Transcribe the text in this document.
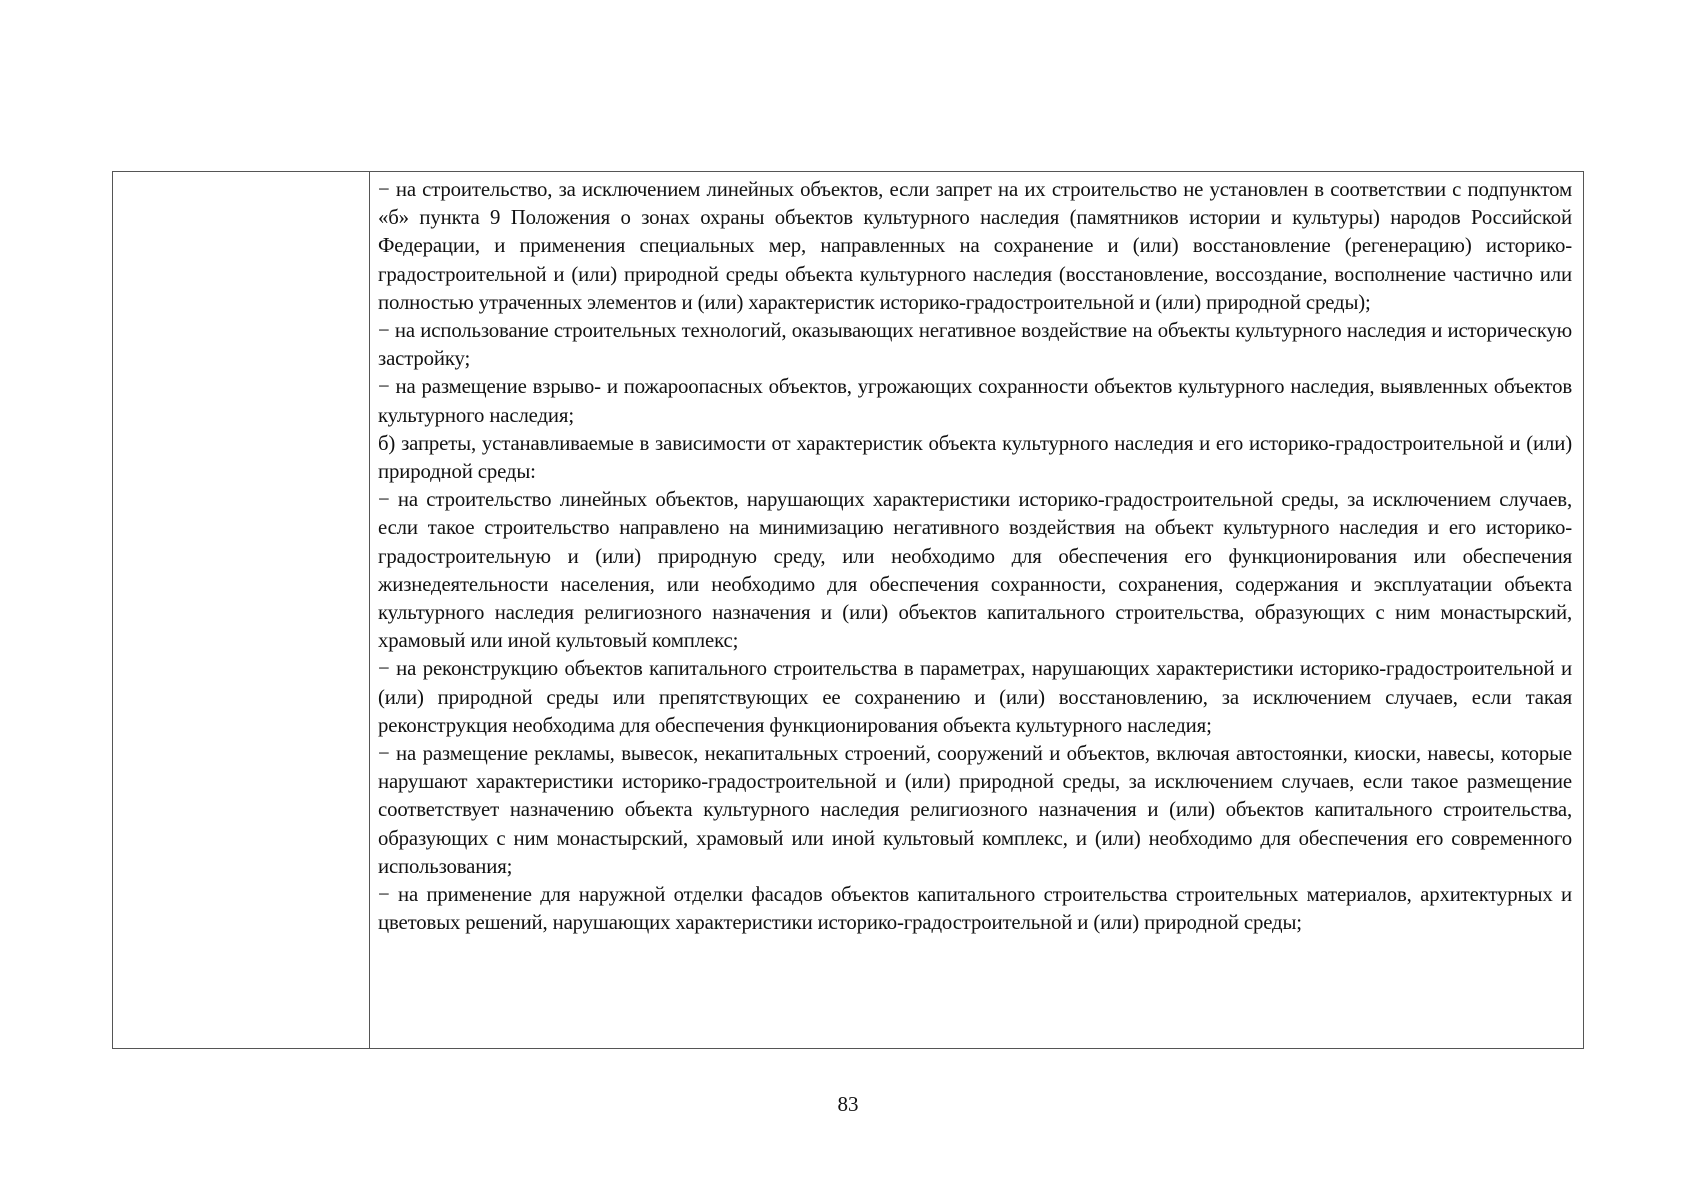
− на строительство, за исключением линейных объектов, если запрет на их строительство не установлен в соответствии с подпунктом «б» пункта 9 Положения о зонах охраны объектов культурного наследия (памятников истории и культуры) народов Российской Федерации, и применения специальных мер, направленных на сохранение и (или) восстановление (регенерацию) историко-градостроительной и (или) природной среды объекта культурного наследия (восстановление, воссоздание, восполнение частично или полностью утраченных элементов и (или) характеристик историко-градостроительной и (или) природной среды);

− на использование строительных технологий, оказывающих негативное воздействие на объекты культурного наследия и историческую застройку;

− на размещение взрыво- и пожароопасных объектов, угрожающих сохранности объектов культурного наследия, выявленных объектов культурного наследия;

б) запреты, устанавливаемые в зависимости от характеристик объекта культурного наследия и его историко-градостроительной и (или) природной среды:

− на строительство линейных объектов, нарушающих характеристики историко-градостроительной среды, за исключением случаев, если такое строительство направлено на минимизацию негативного воздействия на объект культурного наследия и его историко-градостроительную и (или) природную среду, или необходимо для обеспечения его функционирования или обеспечения жизнедеятельности населения, или необходимо для обеспечения сохранности, сохранения, содержания и эксплуатации объекта культурного наследия религиозного назначения и (или) объектов капитального строительства, образующих с ним монастырский, храмовый или иной культовый комплекс;

− на реконструкцию объектов капитального строительства в параметрах, нарушающих характеристики историко-градостроительной и (или) природной среды или препятствующих ее сохранению и (или) восстановлению, за исключением случаев, если такая реконструкция необходима для обеспечения функционирования объекта культурного наследия;

− на размещение рекламы, вывесок, некапитальных строений, сооружений и объектов, включая автостоянки, киоски, навесы, которые нарушают характеристики историко-градостроительной и (или) природной среды, за исключением случаев, если такое размещение соответствует назначению объекта культурного наследия религиозного назначения и (или) объектов капитального строительства, образующих с ним монастырский, храмовый или иной культовый комплекс, и (или) необходимо для обеспечения его современного использования;

− на применение для наружной отделки фасадов объектов капитального строительства строительных материалов, архитектурных и цветовых решений, нарушающих характеристики историко-градостроительной и (или) природной среды;

83
